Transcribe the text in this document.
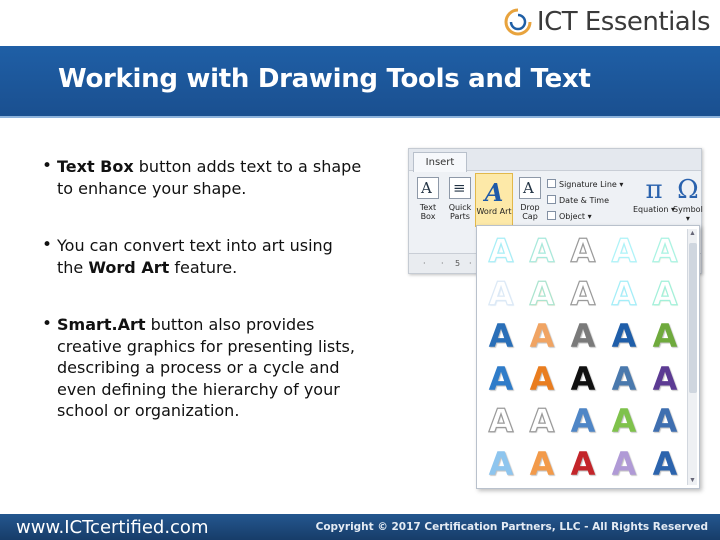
ICT Essentials
Working with Drawing Tools and Text
• Text Box button adds text to a shape to enhance your shape.
• You can convert text into art using the Word Art feature.
• Smart.Art button also provides creative graphics for presenting lists, describing a process or a cycle and even defining the hierarchy of your school or organization.
Insert
A
Text Box
≡
Quick Parts
A
Word Art
A
Drop Cap
Signature Line ▾
Date & Time
Object ▾
π
Equation ▾
Ω
Symbol ▾
· · 5 · A A A A A
A A A A A
A A A A A
A A A A A
A A A A A
A A A A A
▲
▼
www.ICTcertified.com	Copyright © 2017 Certification Partners, LLC - All Rights Reserved
